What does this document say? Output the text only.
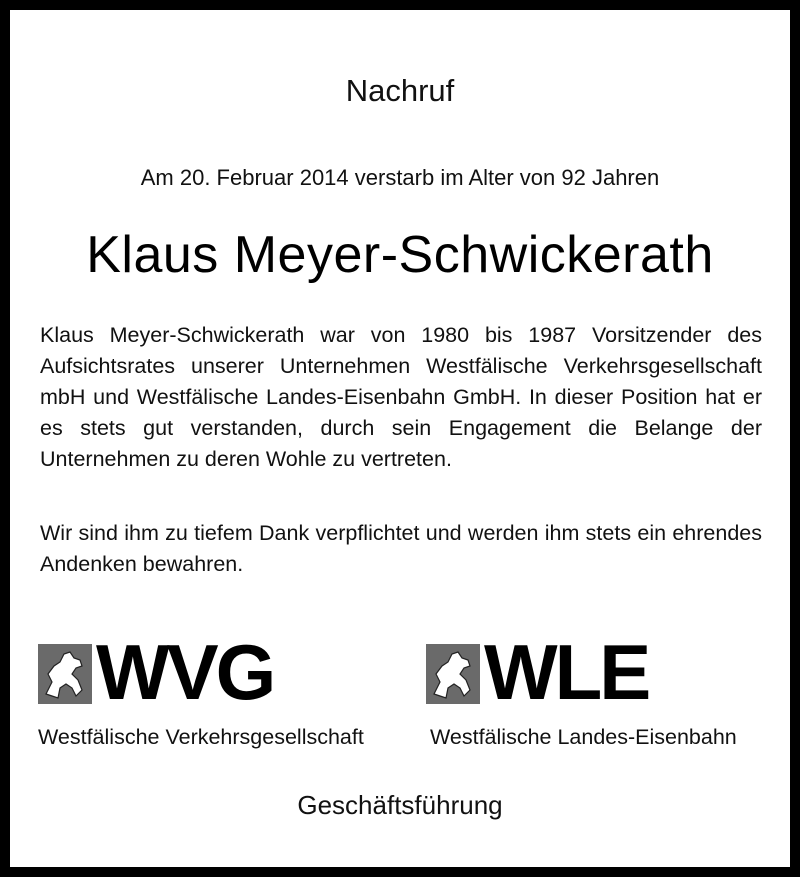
Nachruf
Am 20. Februar 2014 verstarb im Alter von 92 Jahren
Klaus Meyer-Schwickerath

Klaus Meyer-Schwickerath war von 1980 bis 1987 Vorsitzender des Aufsichtsrates unserer Unternehmen Westfälische Verkehrsgesellschaft mbH und Westfälische Landes-Eisenbahn GmbH. In dieser Position hat er es stets gut verstanden, durch sein Engagement die Belange der Unternehmen zu deren Wohle zu vertreten.

Wir sind ihm zu tiefem Dank verpflichtet und werden ihm stets ein ehrendes Andenken bewahren.

WVG	WLE
Westfälische Verkehrsgesellschaft	Westfälische Landes-Eisenbahn
Geschäftsführung
